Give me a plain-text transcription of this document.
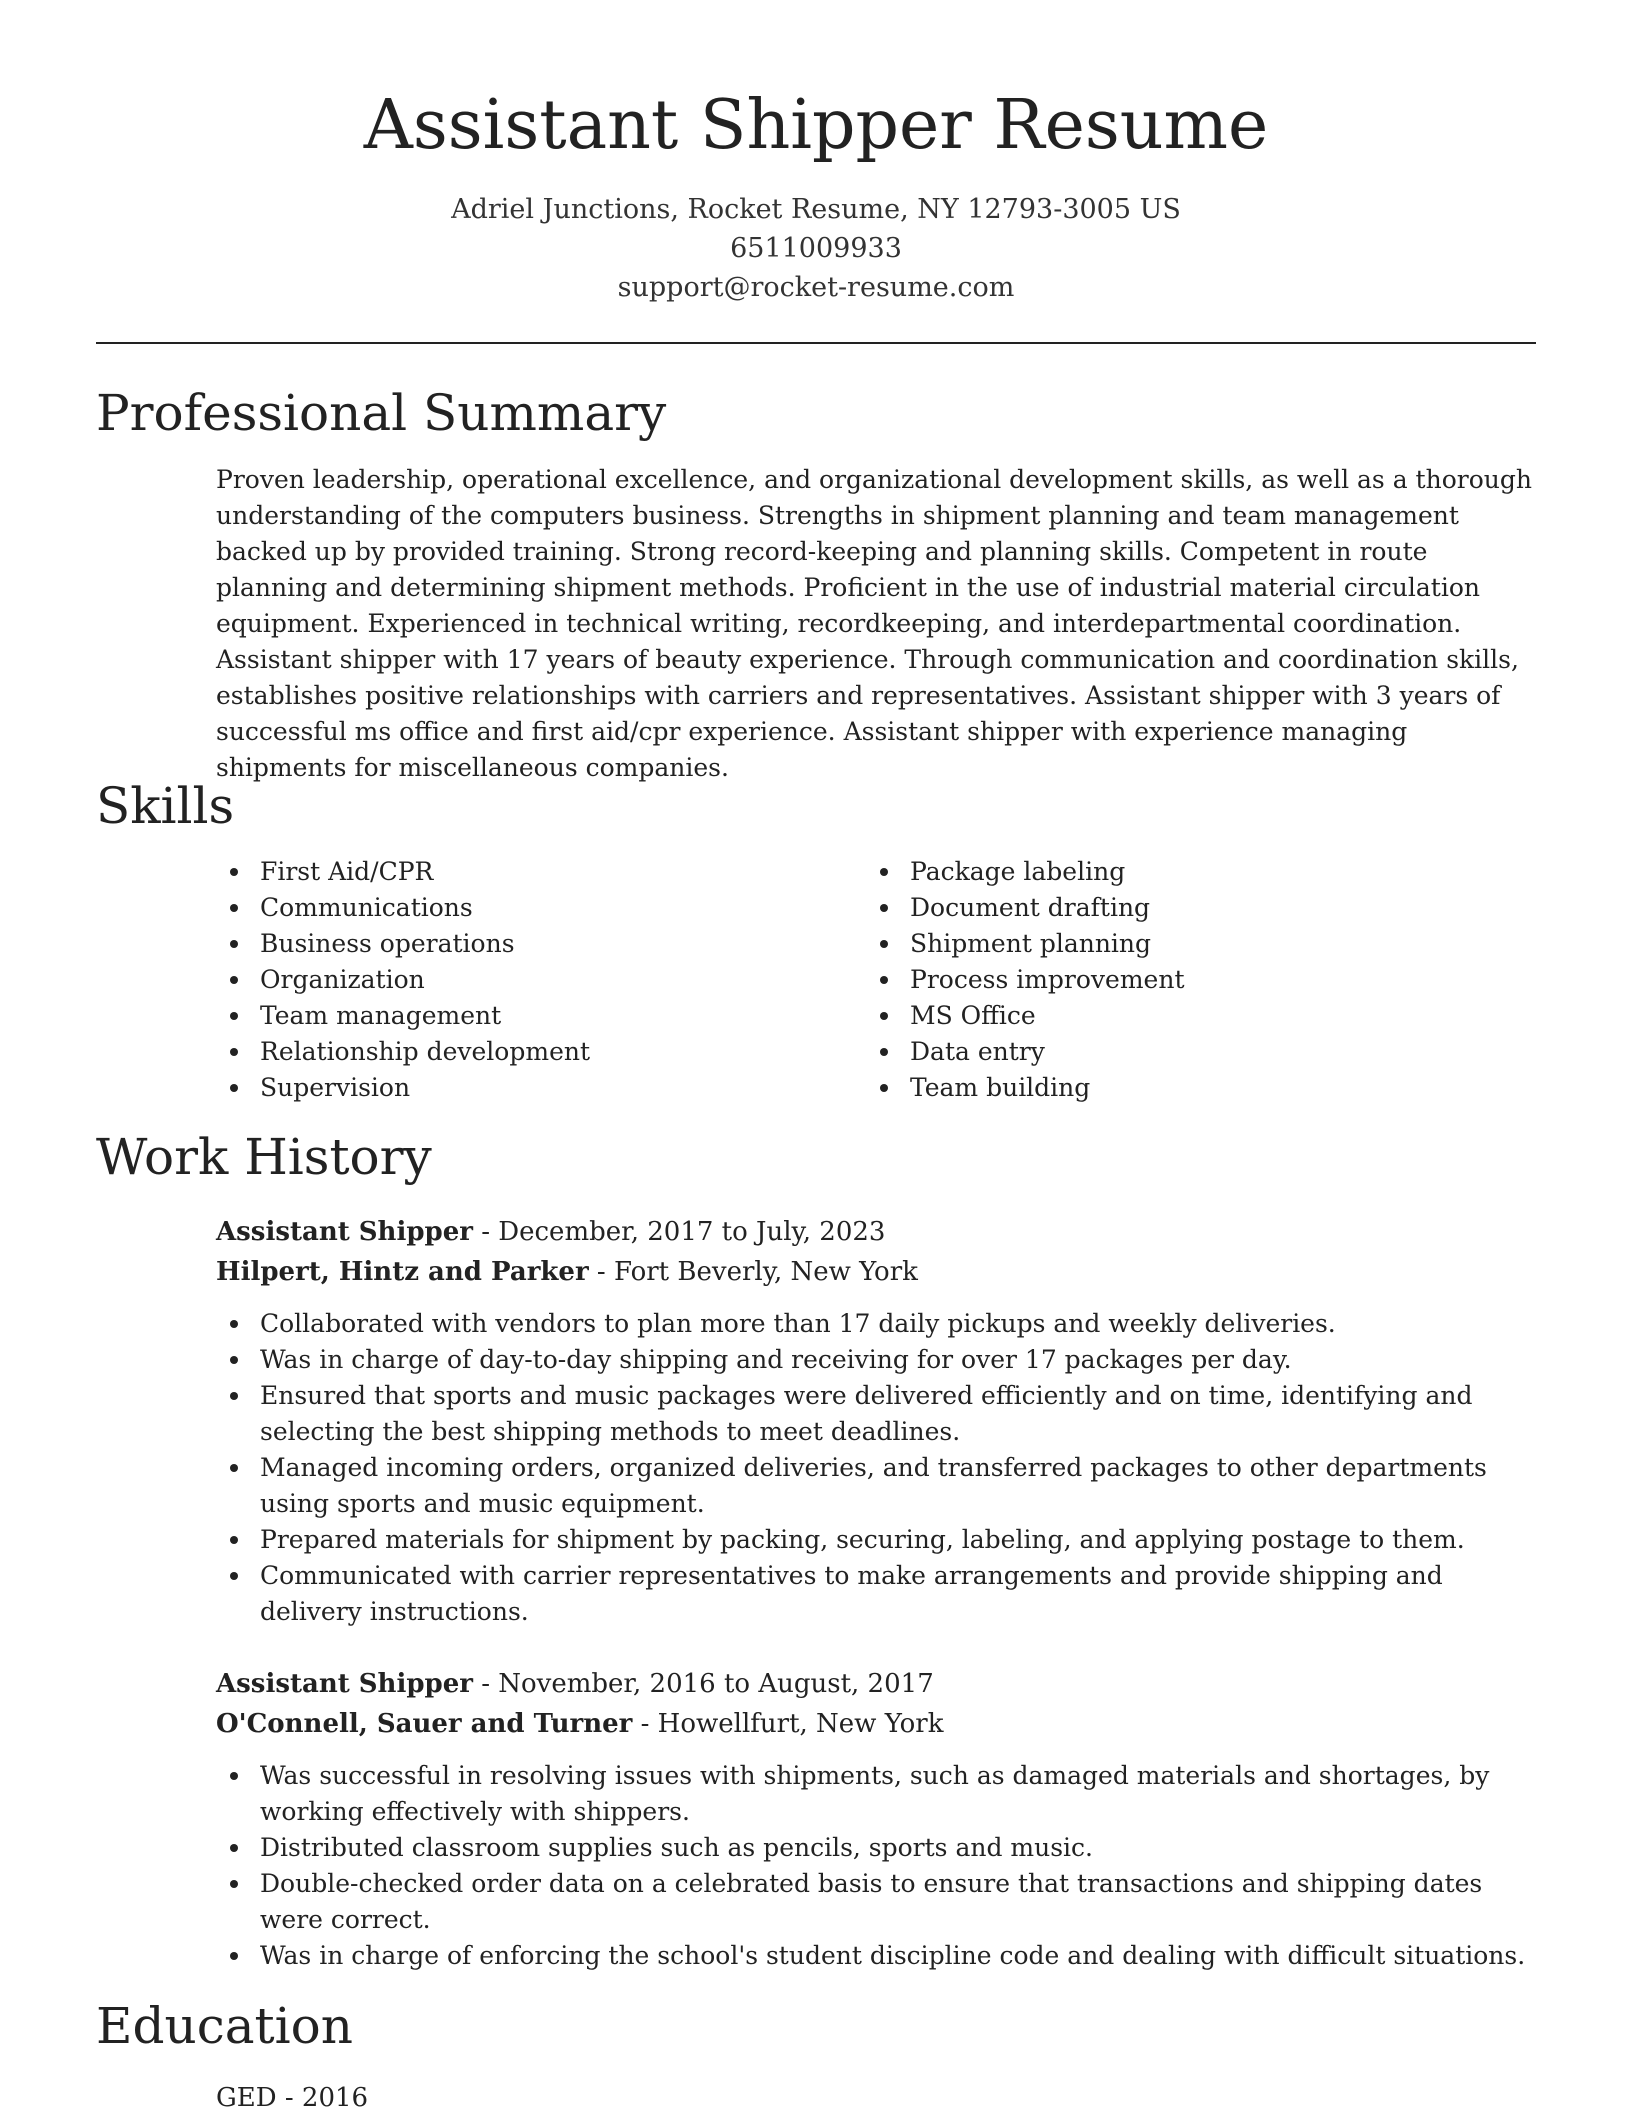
Assistant Shipper Resume
Adriel Junctions, Rocket Resume, NY 12793-3005 US
6511009933
support@rocket-resume.com
Professional Summary

Proven leadership, operational excellence, and organizational development skills, as well as a thorough understanding of the computers business. Strengths in shipment planning and team management backed up by provided training. Strong record-keeping and planning skills. Competent in route planning and determining shipment methods. Proficient in the use of industrial material circulation equipment. Experienced in technical writing, recordkeeping, and interdepartmental coordination. Assistant shipper with 17 years of beauty experience. Through communication and coordination skills, establishes positive relationships with carriers and representatives. Assistant shipper with 3 years of successful ms office and first aid/cpr experience. Assistant shipper with experience managing shipments for miscellaneous companies.

Skills
First Aid/CPR
Communications
Business operations
Organization
Team management
Relationship development
Supervision
Package labeling
Document drafting
Shipment planning
Process improvement
MS Office
Data entry
Team building
Work History
Assistant Shipper - December, 2017 to July, 2023
Hilpert, Hintz and Parker - Fort Beverly, New York
Collaborated with vendors to plan more than 17 daily pickups and weekly deliveries.
Was in charge of day-to-day shipping and receiving for over 17 packages per day.
Ensured that sports and music packages were delivered efficiently and on time, identifying and selecting the best shipping methods to meet deadlines.
Managed incoming orders, organized deliveries, and transferred packages to other departments using sports and music equipment.
Prepared materials for shipment by packing, securing, labeling, and applying postage to them.
Communicated with carrier representatives to make arrangements and provide shipping and delivery instructions.
Assistant Shipper - November, 2016 to August, 2017
O'Connell, Sauer and Turner - Howellfurt, New York
Was successful in resolving issues with shipments, such as damaged materials and shortages, by working effectively with shippers.
Distributed classroom supplies such as pencils, sports and music.
Double-checked order data on a celebrated basis to ensure that transactions and shipping dates were correct.
Was in charge of enforcing the school's student discipline code and dealing with difficult situations.
Education
GED - 2016
